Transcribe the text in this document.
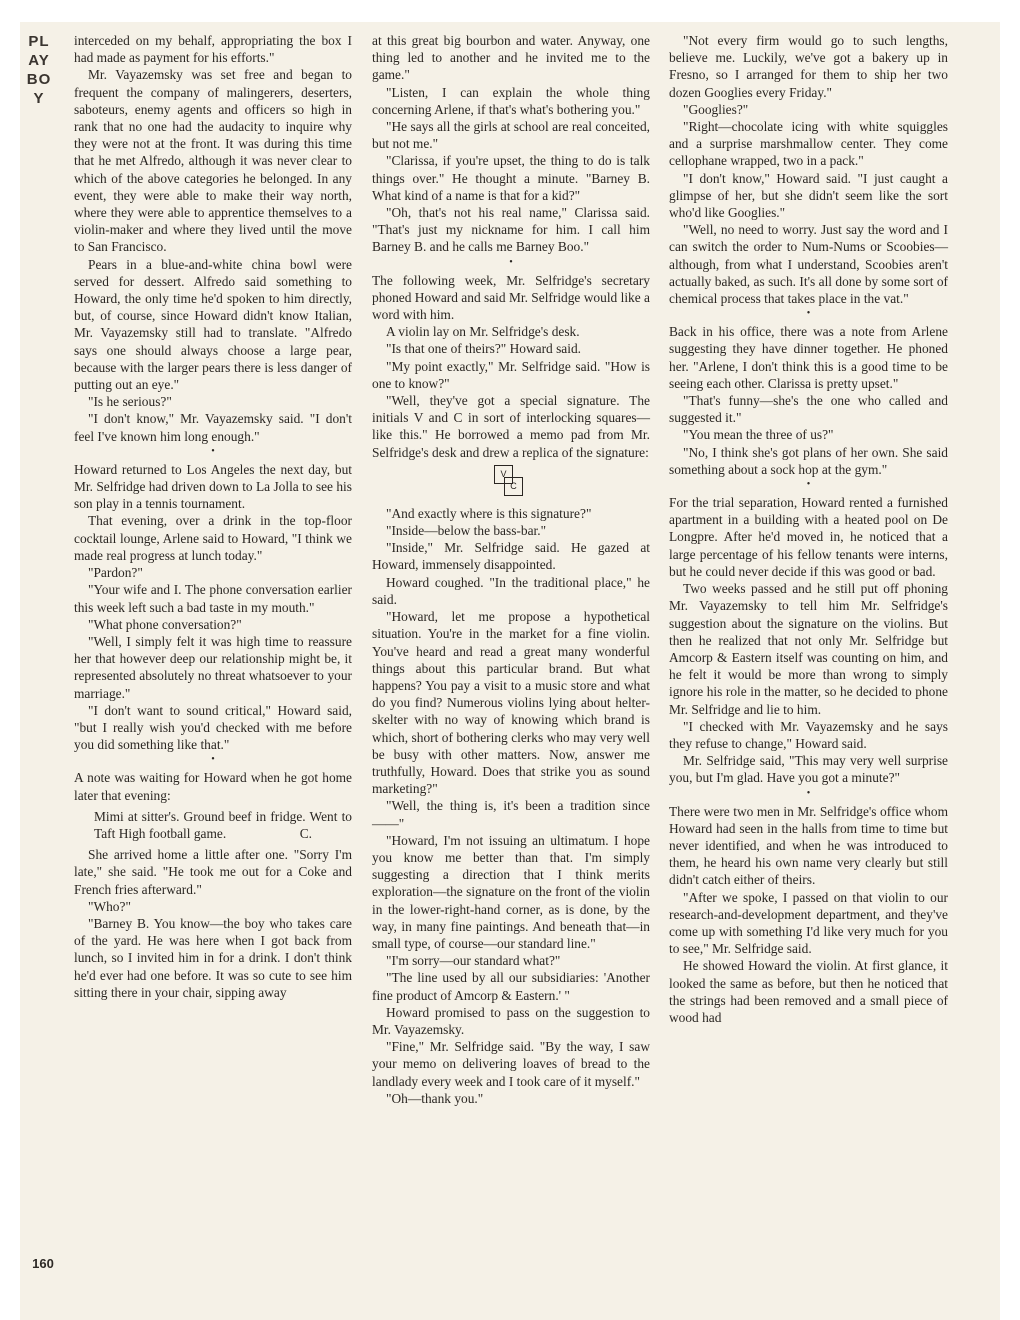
PLAYBOY
160

interceded on my behalf, appropriating the box I had made as payment for his efforts."

Mr. Vayazemsky was set free and began to frequent the company of malingerers, deserters, saboteurs, enemy agents and officers so high in rank that no one had the audacity to inquire why they were not at the front. It was during this time that he met Alfredo, although it was never clear to which of the above categories he belonged. In any event, they were able to make their way north, where they were able to apprentice themselves to a violin-maker and where they lived until the move to San Francisco.

Pears in a blue-and-white china bowl were served for dessert. Alfredo said something to Howard, the only time he'd spoken to him directly, but, of course, since Howard didn't know Italian, Mr. Vayazemsky still had to translate. "Alfredo says one should always choose a large pear, because with the larger pears there is less danger of putting out an eye."

"Is he serious?"

"I don't know," Mr. Vayazemsky said. "I don't feel I've known him long enough."

•

Howard returned to Los Angeles the next day, but Mr. Selfridge had driven down to La Jolla to see his son play in a tennis tournament.

That evening, over a drink in the top-floor cocktail lounge, Arlene said to Howard, "I think we made real progress at lunch today."

"Pardon?"

"Your wife and I. The phone conversation earlier this week left such a bad taste in my mouth."

"What phone conversation?"

"Well, I simply felt it was high time to reassure her that however deep our relationship might be, it represented absolutely no threat whatsoever to your marriage."

"I don't want to sound critical," Howard said, "but I really wish you'd checked with me before you did something like that."

•

A note was waiting for Howard when he got home later that evening:

Mimi at sitter's. Ground beef in fridge. Went to Taft High football game.	C.

She arrived home a little after one. "Sorry I'm late," she said. "He took me out for a Coke and French fries afterward."

"Who?"

"Barney B. You know—the boy who takes care of the yard. He was here when I got back from lunch, so I invited him in for a drink. I don't think he'd ever had one before. It was so cute to see him sitting there in your chair, sipping away

at this great big bourbon and water. Anyway, one thing led to another and he invited me to the game."

"Listen, I can explain the whole thing concerning Arlene, if that's what's bothering you."

"He says all the girls at school are real conceited, but not me."

"Clarissa, if you're upset, the thing to do is talk things over." He thought a minute. "Barney B. What kind of a name is that for a kid?"

"Oh, that's not his real name," Clarissa said. "That's just my nickname for him. I call him Barney B. and he calls me Barney Boo."

•

The following week, Mr. Selfridge's secretary phoned Howard and said Mr. Selfridge would like a word with him.

A violin lay on Mr. Selfridge's desk.

"Is that one of theirs?" Howard said.

"My point exactly," Mr. Selfridge said. "How is one to know?"

"Well, they've got a special signature. The initials V and C in sort of interlocking squares—like this." He borrowed a memo pad from Mr. Selfridge's desk and drew a replica of the signature:

V
C

"And exactly where is this signature?"

"Inside—below the bass-bar."

"Inside," Mr. Selfridge said. He gazed at Howard, immensely disappointed.

Howard coughed. "In the traditional place," he said.

"Howard, let me propose a hypothetical situation. You're in the market for a fine violin. You've heard and read a great many wonderful things about this particular brand. But what happens? You pay a visit to a music store and what do you find? Numerous violins lying about helter-skelter with no way of knowing which brand is which, short of bothering clerks who may very well be busy with other matters. Now, answer me truthfully, Howard. Does that strike you as sound marketing?"

"Well, the thing is, it's been a tradition since——"

"Howard, I'm not issuing an ultimatum. I hope you know me better than that. I'm simply suggesting a direction that I think merits exploration—the signature on the front of the violin in the lower-right-hand corner, as is done, by the way, in many fine paintings. And beneath that—in small type, of course—our standard line."

"I'm sorry—our standard what?"

"The line used by all our subsidiaries: 'Another fine product of Amcorp & Eastern.' "

Howard promised to pass on the suggestion to Mr. Vayazemsky.

"Fine," Mr. Selfridge said. "By the way, I saw your memo on delivering loaves of bread to the landlady every week and I took care of it myself."

"Oh—thank you."

"Not every firm would go to such lengths, believe me. Luckily, we've got a bakery up in Fresno, so I arranged for them to ship her two dozen Googlies every Friday."

"Googlies?"

"Right—chocolate icing with white squiggles and a surprise marshmallow center. They come cellophane wrapped, two in a pack."

"I don't know," Howard said. "I just caught a glimpse of her, but she didn't seem like the sort who'd like Googlies."

"Well, no need to worry. Just say the word and I can switch the order to Num-Nums or Scoobies—although, from what I understand, Scoobies aren't actually baked, as such. It's all done by some sort of chemical process that takes place in the vat."

•

Back in his office, there was a note from Arlene suggesting they have dinner together. He phoned her. "Arlene, I don't think this is a good time to be seeing each other. Clarissa is pretty upset."

"That's funny—she's the one who called and suggested it."

"You mean the three of us?"

"No, I think she's got plans of her own. She said something about a sock hop at the gym."

•

For the trial separation, Howard rented a furnished apartment in a building with a heated pool on De Longpre. After he'd moved in, he noticed that a large percentage of his fellow tenants were interns, but he could never decide if this was good or bad.

Two weeks passed and he still put off phoning Mr. Vayazemsky to tell him Mr. Selfridge's suggestion about the signature on the violins. But then he realized that not only Mr. Selfridge but Amcorp & Eastern itself was counting on him, and he felt it would be more than wrong to simply ignore his role in the matter, so he decided to phone Mr. Selfridge and lie to him.

"I checked with Mr. Vayazemsky and he says they refuse to change," Howard said.

Mr. Selfridge said, "This may very well surprise you, but I'm glad. Have you got a minute?"

•

There were two men in Mr. Selfridge's office whom Howard had seen in the halls from time to time but never identified, and when he was introduced to them, he heard his own name very clearly but still didn't catch either of theirs.

"After we spoke, I passed on that violin to our research-and-development department, and they've come up with something I'd like very much for you to see," Mr. Selfridge said.

He showed Howard the violin. At first glance, it looked the same as before, but then he noticed that the strings had been removed and a small piece of wood had
